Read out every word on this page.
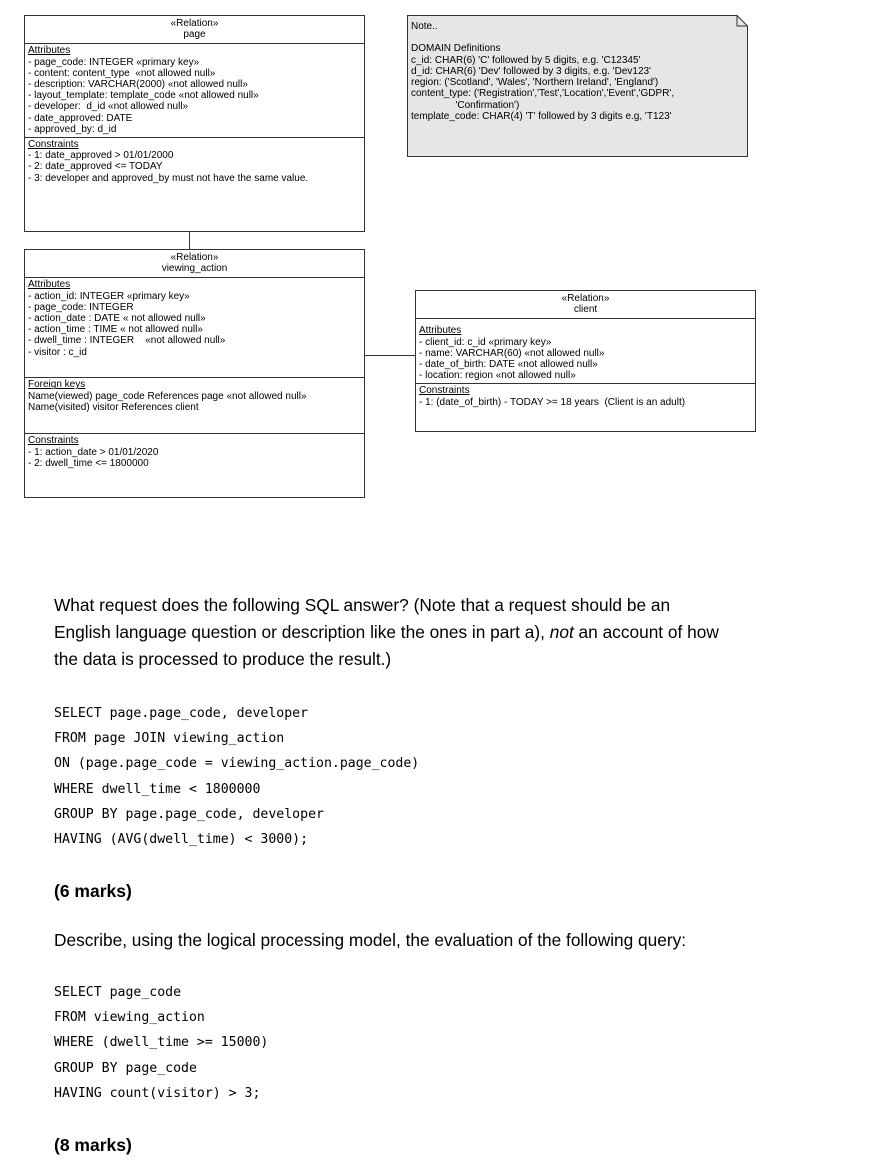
«Relation»
page
Attributes
- page_code: INTEGER «primary key»
- content: content_type  «not allowed null»
- description: VARCHAR(2000) «not allowed null»
- layout_template: template_code «not allowed null»
- developer:  d_id «not allowed null»
- date_approved: DATE
- approved_by: d_id
Constraints
- 1: date_approved > 01/01/2000
- 2: date_approved <= TODAY
- 3: developer and approved_by must not have the same value.
Note..
DOMAIN Definitions
c_id: CHAR(6) 'C' followed by 5 digits, e.g. 'C12345'
d_id: CHAR(6) 'Dev' followed by 3 digits, e.g. 'Dev123'
region: ('Scotland', 'Wales', 'Northern Ireland', 'England')
content_type: ('Registration','Test','Location','Event','GDPR',
'Confirmation')
template_code: CHAR(4) 'T' followed by 3 digits e.g, 'T123'
«Relation»
viewing_action
Attributes
- action_id: INTEGER «primary key»
- page_code: INTEGER
- action_date : DATE « not allowed null»
- action_time : TIME « not allowed null»
- dwell_time : INTEGER    «not allowed null»
- visitor : c_id
Foreign keys
Name(viewed) page_code References page «not allowed null»
Name(visited) visitor References client
Constraints
- 1: action_date > 01/01/2020
- 2: dwell_time <= 1800000
«Relation»
client
Attributes
- client_id: c_id «primary key»
- name: VARCHAR(60) «not allowed null»
- date_of_birth: DATE «not allowed null»
- location: region «not allowed null»
Constraints
- 1: (date_of_birth) - TODAY >= 18 years  (Client is an adult)

What request does the following SQL answer? (Note that a request should be an

English language question or description like the ones in part a), not an account of how

the data is processed to produce the result.)

SELECT page.page_code, developer
FROM page JOIN viewing_action
ON (page.page_code = viewing_action.page_code)
WHERE dwell_time < 1800000
GROUP BY page.page_code, developer
HAVING (AVG(dwell_time) < 3000);
(6 marks)

Describe, using the logical processing model, the evaluation of the following query:

SELECT page_code
FROM viewing_action
WHERE (dwell_time >= 15000)
GROUP BY page_code
HAVING count(visitor) > 3;
(8 marks)
